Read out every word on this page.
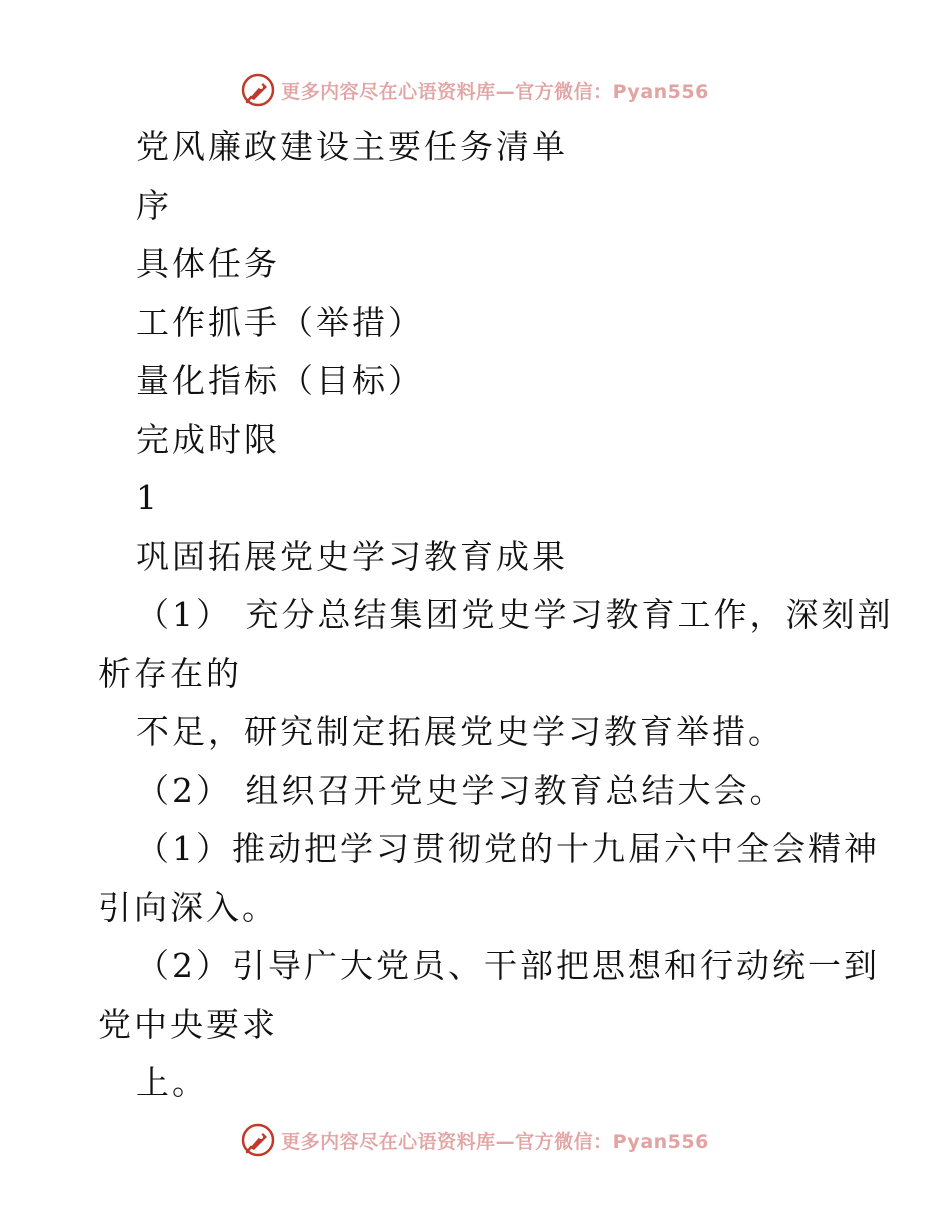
更多内容尽在心语资料库—官方微信：Pyan556

党风廉政建设主要任务清单

序

具体任务

工作抓手（举措）

量化指标（目标）

完成时限

1

巩固拓展党史学习教育成果

（1） 充分总结集团党史学习教育工作，深刻剖

析存在的

不足，研究制定拓展党史学习教育举措。

（2） 组织召开党史学习教育总结大会。

（1）推动把学习贯彻党的十九届六中全会精神

引向深入。

（2）引导广大党员、干部把思想和行动统一到

党中央要求

上。

更多内容尽在心语资料库—官方微信：Pyan556
